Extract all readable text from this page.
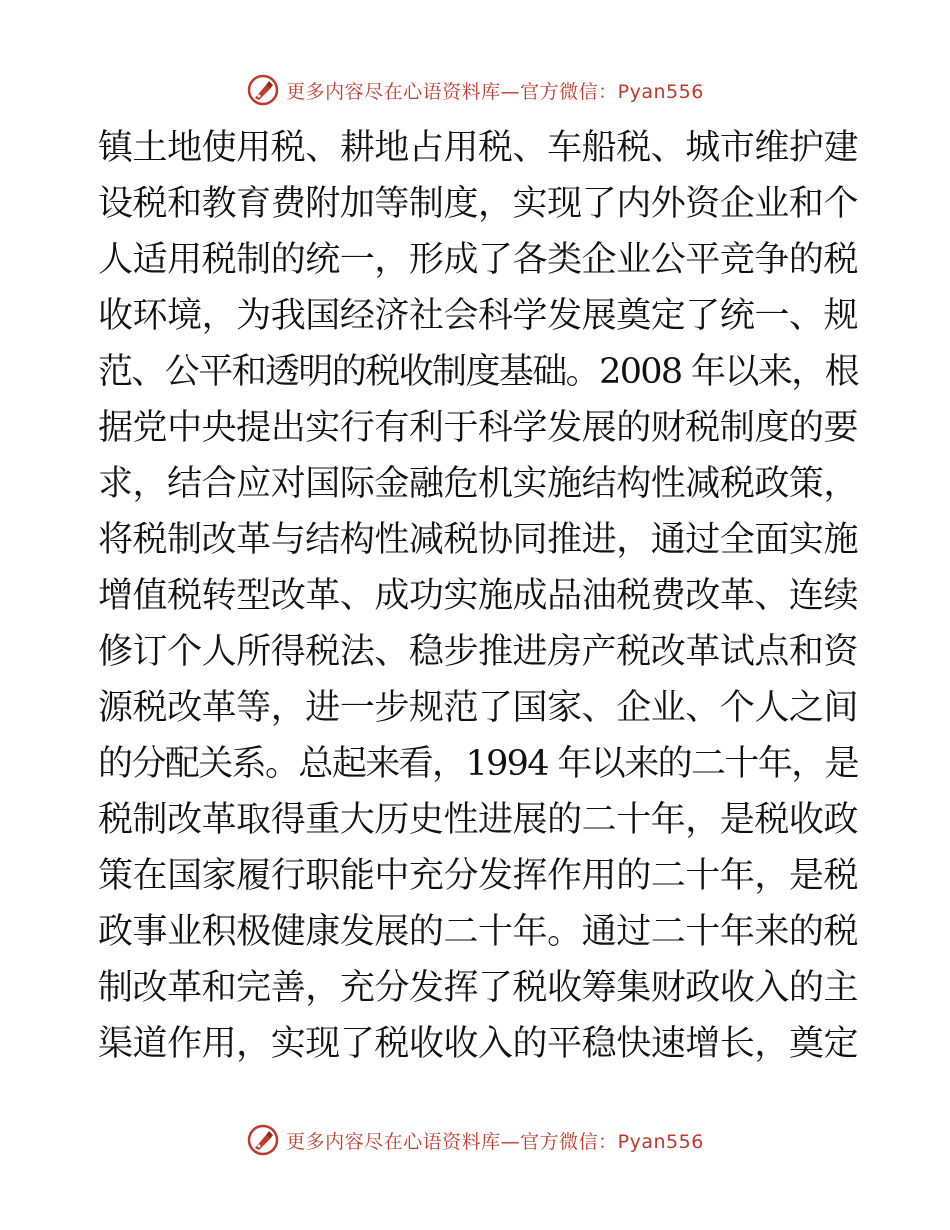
更多内容尽在心语资料库—官方微信：Pyan556
镇土地使用税、耕地占用税、车船税、城市维护建
设税和教育费附加等制度，实现了内外资企业和个
人适用税制的统一，形成了各类企业公平竞争的税
收环境，为我国经济社会科学发展奠定了统一、规
范、公平和透明的税收制度基础。2008 年以来，根
据党中央提出实行有利于科学发展的财税制度的要
求，结合应对国际金融危机实施结构性减税政策，
将税制改革与结构性减税协同推进，通过全面实施
增值税转型改革、成功实施成品油税费改革、连续
修订个人所得税法、稳步推进房产税改革试点和资
源税改革等，进一步规范了国家、企业、个人之间
的分配关系。总起来看，1994 年以来的二十年，是
税制改革取得重大历史性进展的二十年，是税收政
策在国家履行职能中充分发挥作用的二十年，是税
政事业积极健康发展的二十年。通过二十年来的税
制改革和完善，充分发挥了税收筹集财政收入的主
渠道作用，实现了税收收入的平稳快速增长，奠定
更多内容尽在心语资料库—官方微信：Pyan556
